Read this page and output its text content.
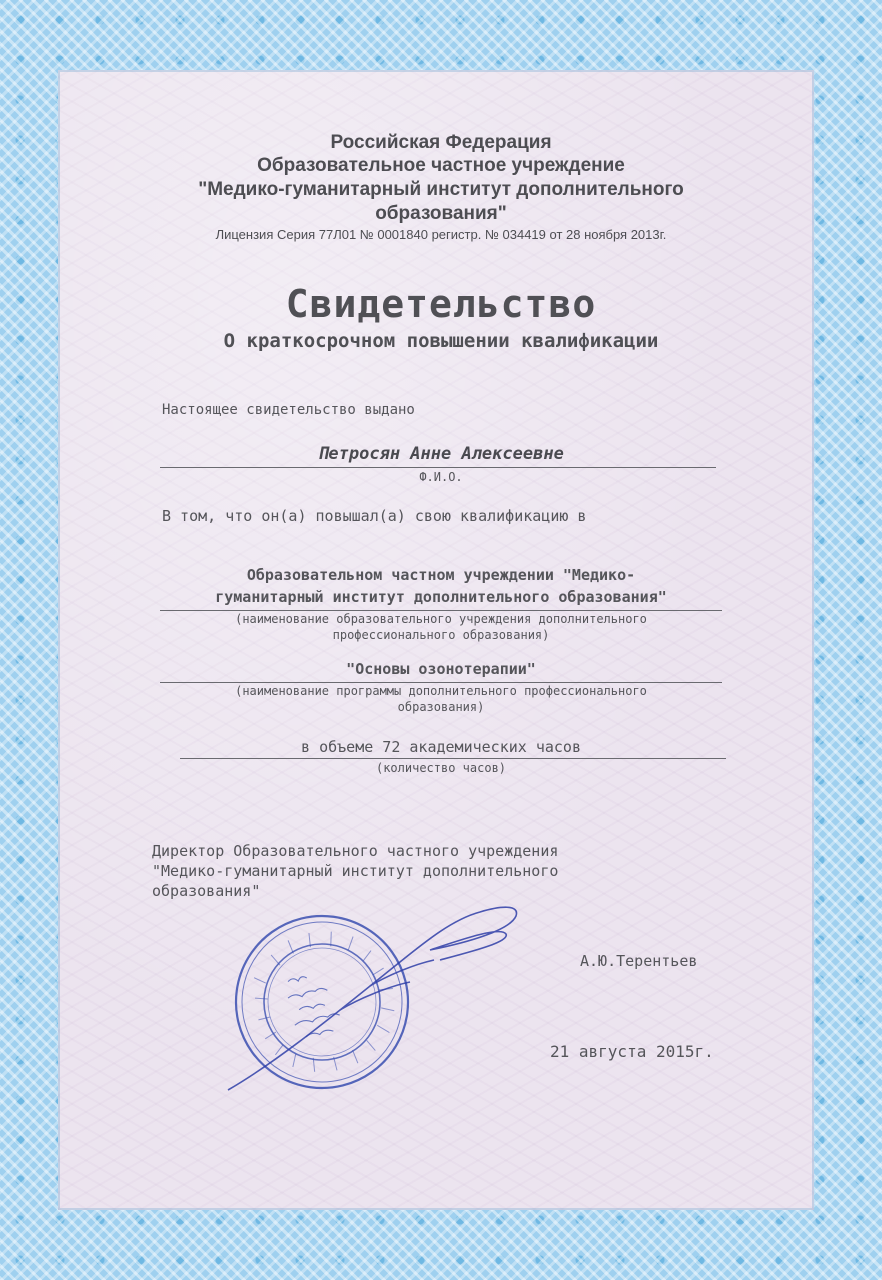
Российская Федерация
Образовательное частное учреждение
"Медико-гуманитарный институт дополнительного
образования"
Лицензия Серия 77Л01 № 0001840 регистр. № 034419 от 28 ноября 2013г.
Свидетельство
О краткосрочном повышении квалификации
Настоящее свидетельство выдано
Петросян Анне Алексеевне
Ф.И.О.
В том, что он(а) повышал(а) свою квалификацию в
Образовательном частном учреждении "Медико-
гуманитарный институт дополнительного образования"
(наименование образовательного учреждения дополнительного
профессионального образования)
"Основы озонотерапии"
(наименование программы дополнительного профессионального
образования)
в объеме 72 академических часов
(количество часов)
Директор Образовательного частного учреждения
"Медико-гуманитарный институт дополнительного
образования"
А.Ю.Терентьев
21 августа 2015г.
